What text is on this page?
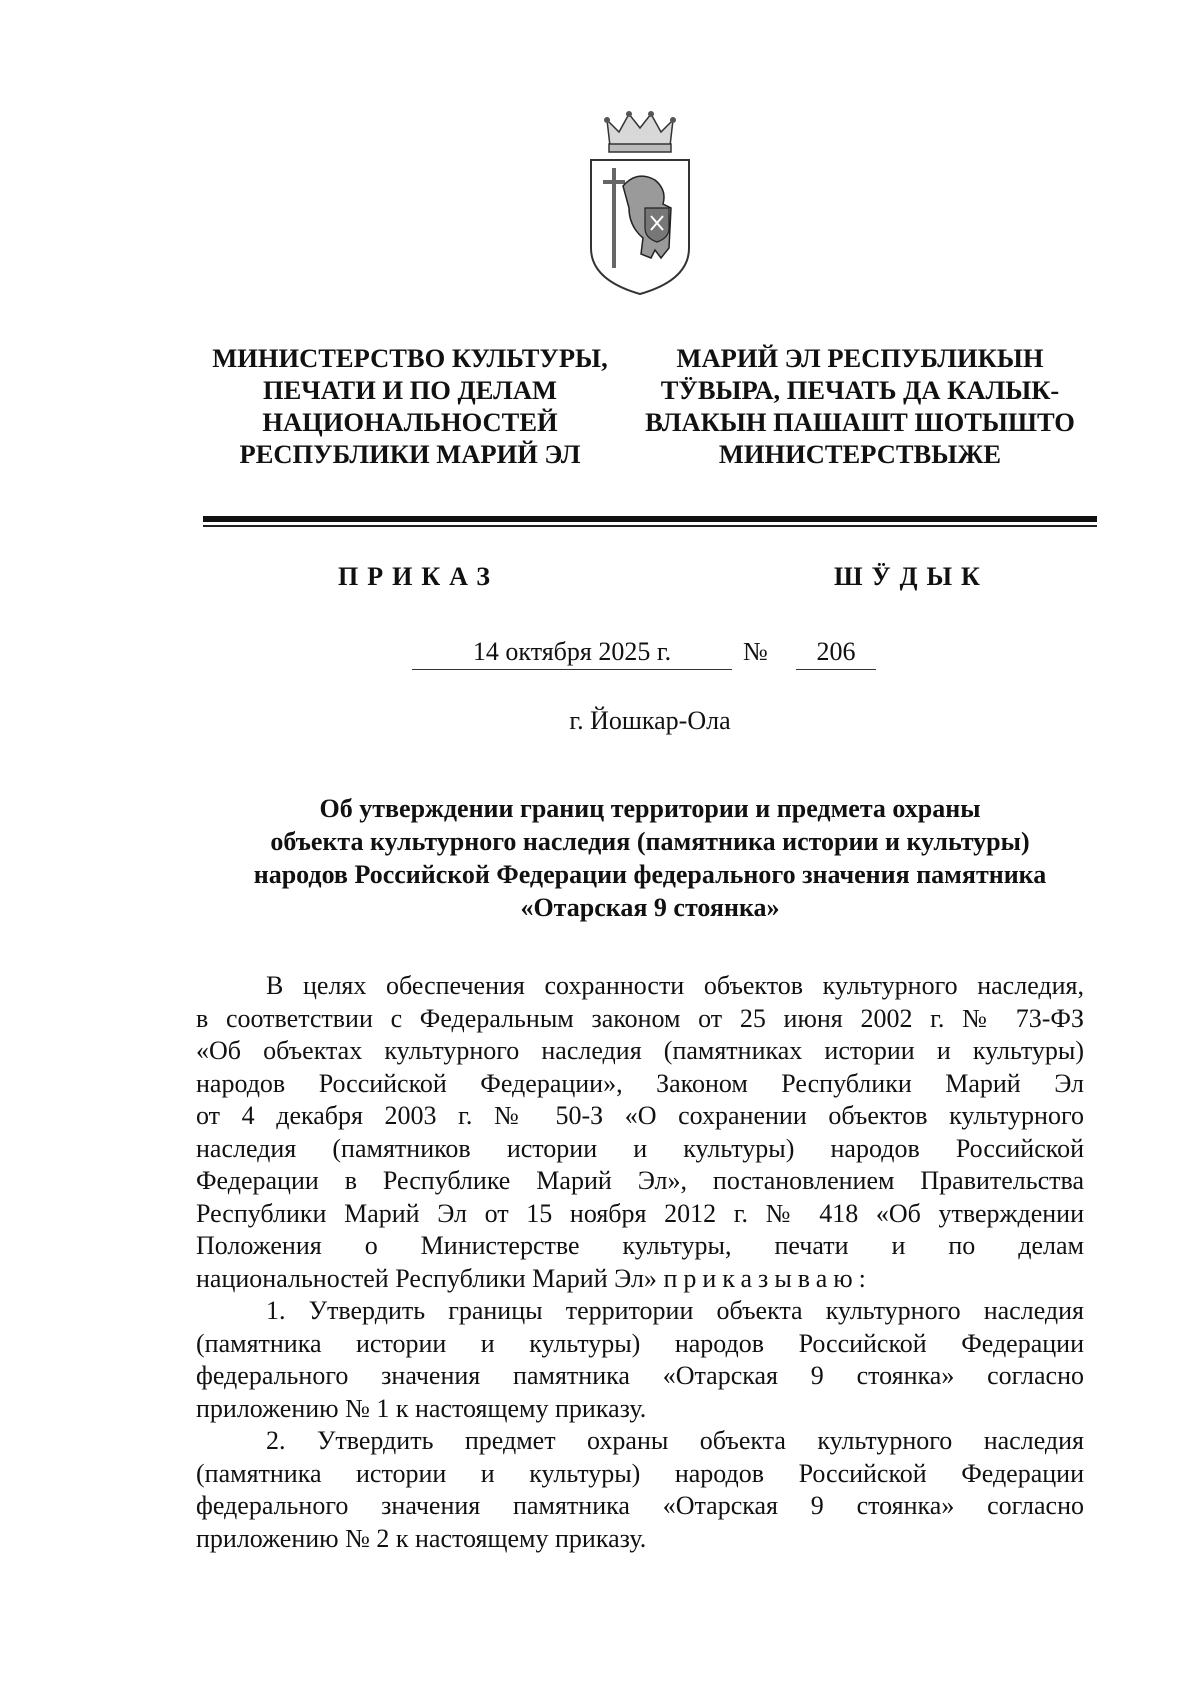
МИНИСТЕРСТВО КУЛЬТУРЫ,
ПЕЧАТИ И ПО ДЕЛАМ
НАЦИОНАЛЬНОСТЕЙ
РЕСПУБЛИКИ МАРИЙ ЭЛ
МАРИЙ ЭЛ РЕСПУБЛИКЫН
ТӰВЫРА, ПЕЧАТЬ ДА КАЛЫК-
ВЛАКЫН ПАШАШТ ШОТЫШТО
МИНИСТЕРСТВЫЖЕ
ПРИКАЗ	ШӰДЫК
14 октября 2025 г.	№	206
г. Йошкар-Ола
Об утверждении границ территории и предмета охраны
объекта культурного наследия (памятника истории и культуры)
народов Российской Федерации федерального значения памятника
«Отарская 9 стоянка»
В целях обеспечения сохранности объектов культурного наследия,
в соответствии с Федеральным законом от 25 июня 2002 г. № 73-ФЗ
«Об объектах культурного наследия (памятниках истории и культуры)
народов Российской Федерации», Законом Республики Марий Эл
от 4 декабря 2003 г. № 50-З «О сохранении объектов культурного
наследия (памятников истории и культуры) народов Российской
Федерации в Республике Марий Эл», постановлением Правительства
Республики Марий Эл от 15 ноября 2012 г. № 418 «Об утверждении
Положения о Министерстве культуры, печати и по делам
национальностей Республики Марий Эл» приказываю:
1. Утвердить границы территории объекта культурного наследия
(памятника истории и культуры) народов Российской Федерации
федерального значения памятника «Отарская 9 стоянка» согласно
приложению № 1 к настоящему приказу.
2. Утвердить предмет охраны объекта культурного наследия
(памятника истории и культуры) народов Российской Федерации
федерального значения памятника «Отарская 9 стоянка» согласно
приложению № 2 к настоящему приказу.
